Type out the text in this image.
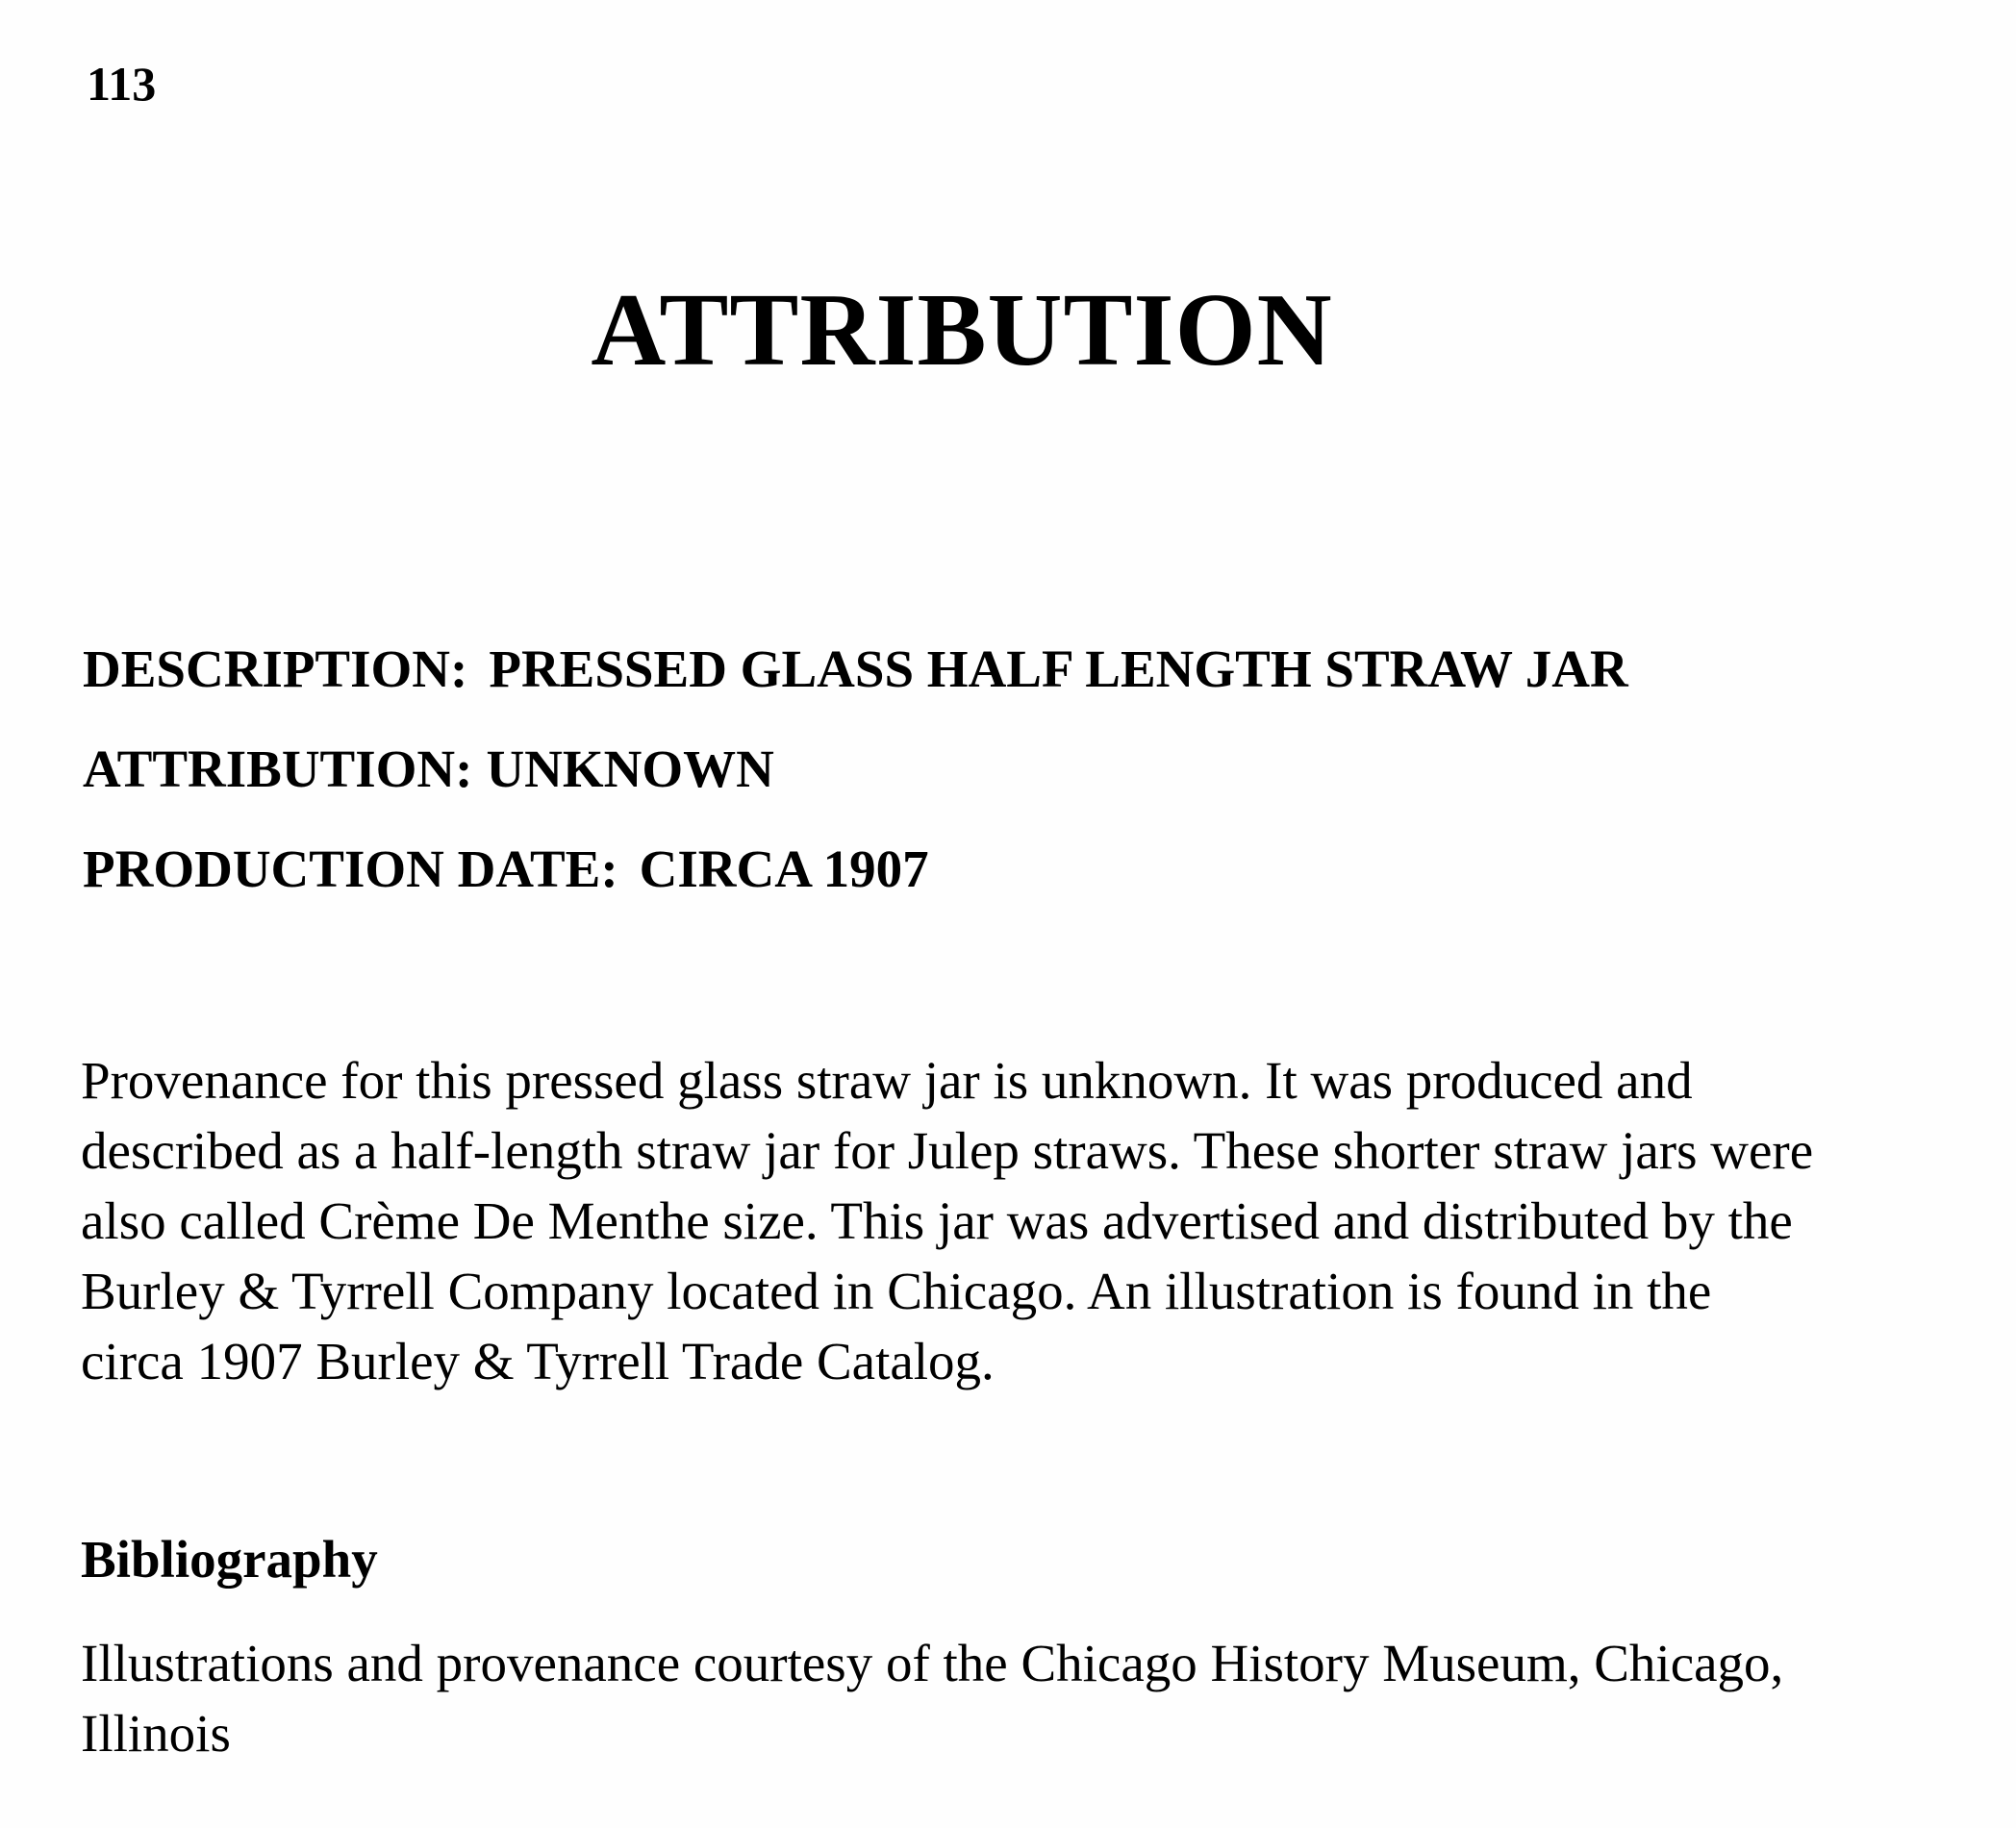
113
ATTRIBUTION
DESCRIPTION: PRESSED GLASS HALF LENGTH STRAW JAR
ATTRIBUTION: UNKNOWN
PRODUCTION DATE: CIRCA 1907
Provenance for this pressed glass straw jar is unknown. It was produced and
described as a half-length straw jar for Julep straws. These shorter straw jars were
also called Crème De Menthe size. This jar was advertised and distributed by the
Burley & Tyrrell Company located in Chicago. An illustration is found in the
circa 1907 Burley & Tyrrell Trade Catalog.
Bibliography
Illustrations and provenance courtesy of the Chicago History Museum, Chicago,
Illinois
